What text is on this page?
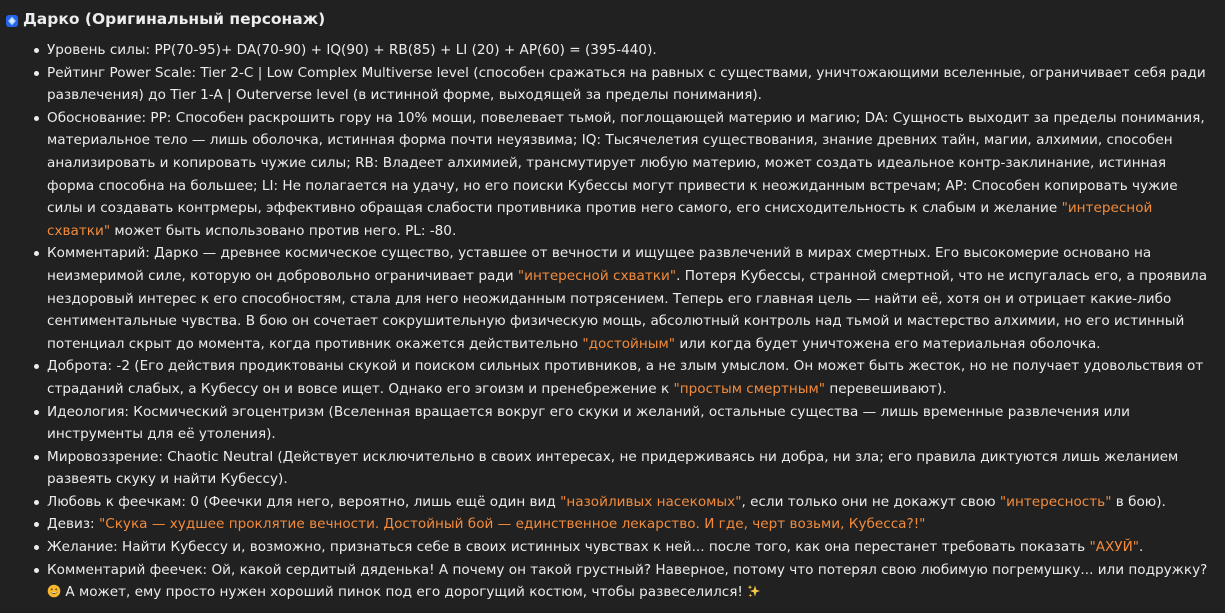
Дарко (Оригинальный персонаж)
Уровень силы: PP(70-95)+ DA(70-90) + IQ(90) + RB(85) + LI (20) + AP(60) = (395-440).
Рейтинг Power Scale: Tier 2-C | Low Complex Multiverse level (способен сражаться на равных с существами, уничтожающими вселенные, ограничивает себя ради развлечения) до Tier 1-A | Outerverse level (в истинной форме, выходящей за пределы понимания).
Обоснование: PP: Способен раскрошить гору на 10% мощи, повелевает тьмой, поглощающей материю и магию; DA: Сущность выходит за пределы понимания, материальное тело — лишь оболочка, истинная форма почти неуязвима; IQ: Тысячелетия существования, знание древних тайн, магии, алхимии, способен анализировать и копировать чужие силы; RB: Владеет алхимией, трансмутирует любую материю, может создать идеальное контр-заклинание, истинная форма способна на большее; LI: Не полагается на удачу, но его поиски Кубессы могут привести к неожиданным встречам; AP: Способен копировать чужие силы и создавать контрмеры, эффективно обращая слабости противника против него самого, его снисходительность к слабым и желание "интересной схватки" может быть использовано против него. PL: -80.
Комментарий: Дарко — древнее космическое существо, уставшее от вечности и ищущее развлечений в мирах смертных. Его высокомерие основано на неизмеримой силе, которую он добровольно ограничивает ради "интересной схватки". Потеря Кубессы, странной смертной, что не испугалась его, а проявила нездоровый интерес к его способностям, стала для него неожиданным потрясением. Теперь его главная цель — найти её, хотя он и отрицает какие-либо сентиментальные чувства. В бою он сочетает сокрушительную физическую мощь, абсолютный контроль над тьмой и мастерство алхимии, но его истинный потенциал скрыт до момента, когда противник окажется действительно "достойным" или когда будет уничтожена его материальная оболочка.
Доброта: -2 (Его действия продиктованы скукой и поиском сильных противников, а не злым умыслом. Он может быть жесток, но не получает удовольствия от страданий слабых, а Кубессу он и вовсе ищет. Однако его эгоизм и пренебрежение к "простым смертным" перевешивают).
Идеология: Космический эгоцентризм (Вселенная вращается вокруг его скуки и желаний, остальные существа — лишь временные развлечения или инструменты для её утоления).
Мировоззрение: Chaotic Neutral (Действует исключительно в своих интересах, не придерживаясь ни добра, ни зла; его правила диктуются лишь желанием развеять скуку и найти Кубессу).
Любовь к феечкам: 0 (Феечки для него, вероятно, лишь ещё один вид "назойливых насекомых", если только они не докажут свою "интересность" в бою).
Девиз: "Скука — худшее проклятие вечности. Достойный бой — единственное лекарство. И где, черт возьми, Кубесса?!"
Желание: Найти Кубессу и, возможно, признаться себе в своих истинных чувствах к ней... после того, как она перестанет требовать показать "АХУЙ".
Комментарий феечек: Ой, какой сердитый дяденька! А почему он такой грустный? Наверное, потому что потерял свою любимую погремушку... или подружку?  А может, ему просто нужен хороший пинок под его дорогущий костюм, чтобы развеселился!
